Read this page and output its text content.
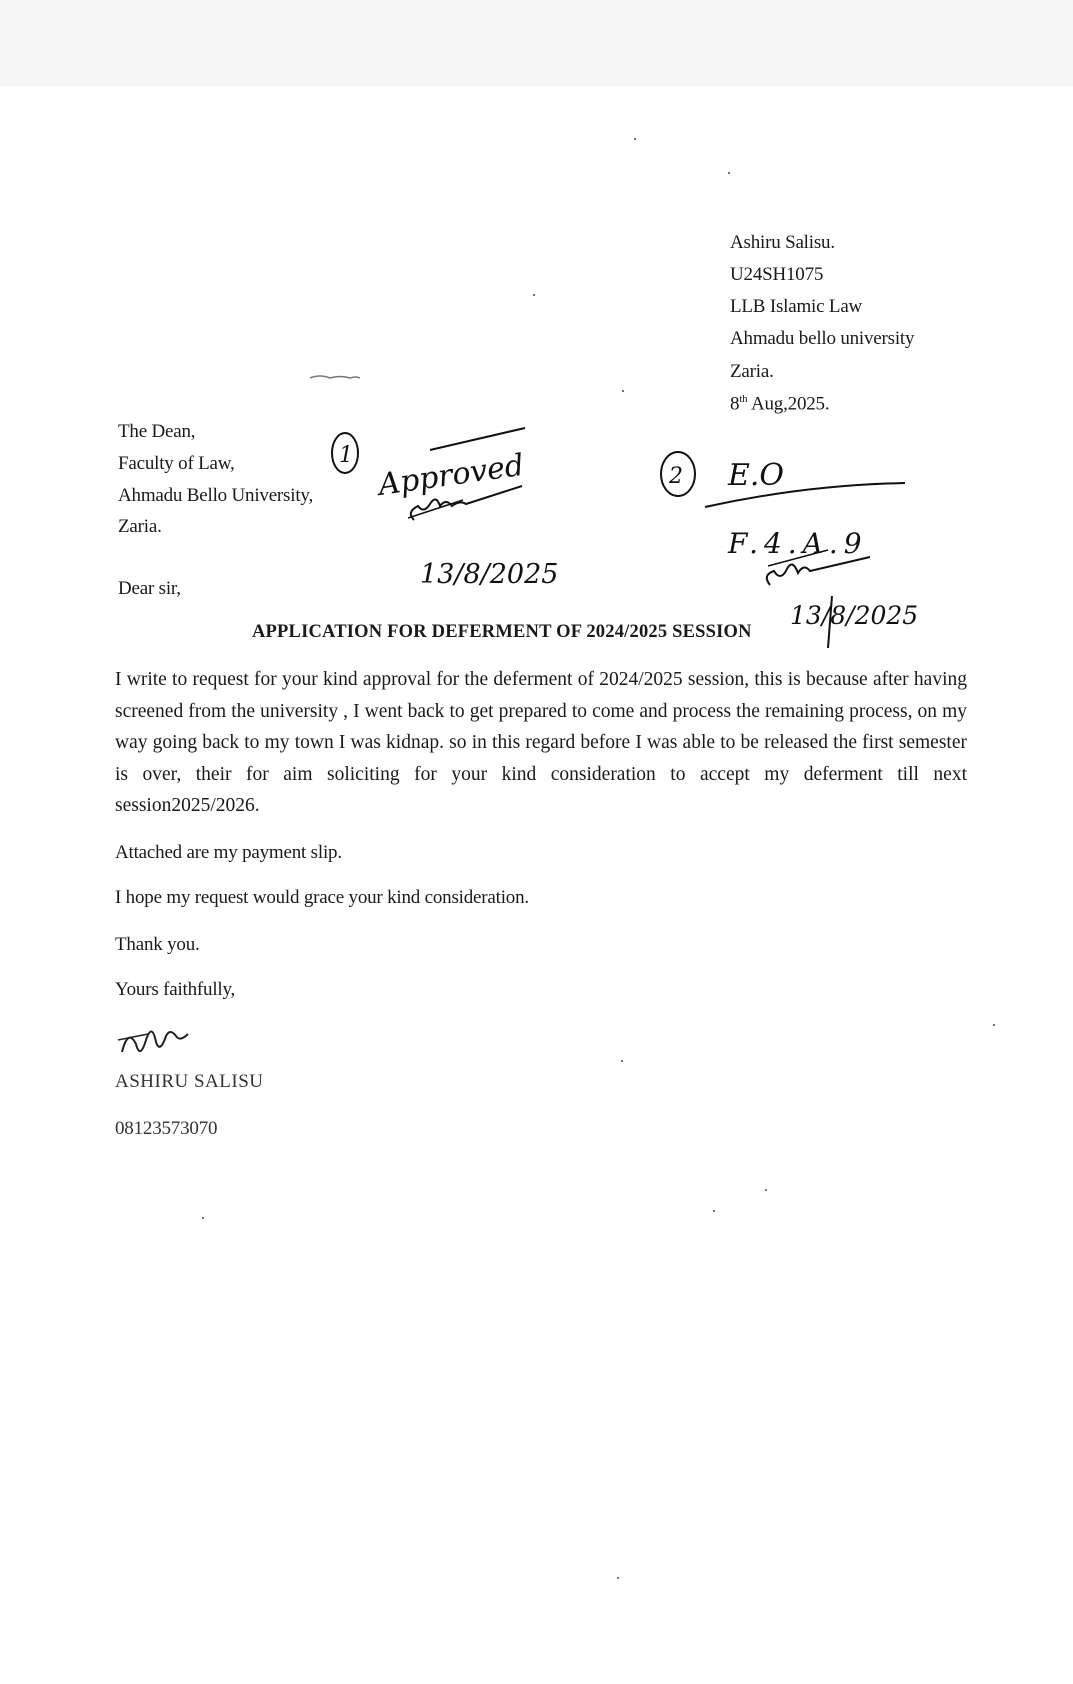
Ashiru Salisu.
U24SH1075
LLB Islamic Law
Ahmadu bello university
Zaria.
8th Aug,2025.
The Dean,
Faculty of Law,
Ahmadu Bello University,
Zaria.
Dear sir,
APPLICATION FOR DEFERMENT OF 2024/2025 SESSION
I write to request for your kind approval for the deferment of 2024/2025 session, this is because after having screened from the university , I went back to get prepared to come and process the remaining process, on my way going back to my town I was kidnap. so in this regard before I was able to be released the first semester is over, their for aim soliciting for your kind consideration to accept my deferment till next session2025/2026.
Attached are my payment slip.
I hope my request would grace your kind consideration.
Thank you.
Yours faithfully,
1 Approved
13/8/2025
2 E.O
F.4.A.9
13/8/2025
ASHIRU SALISU
08123573070
